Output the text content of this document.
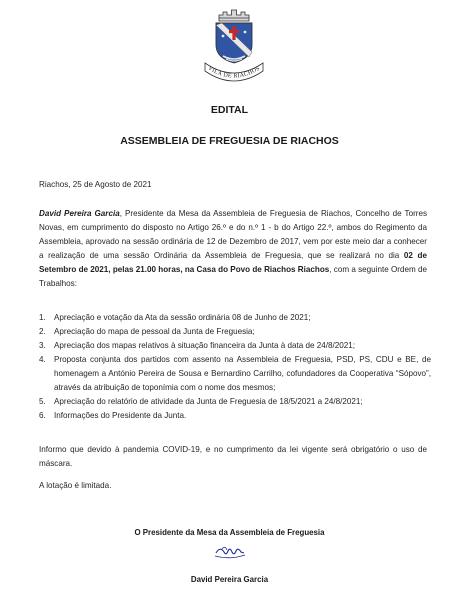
VILA DE RIACHOS
EDITAL
ASSEMBLEIA DE FREGUESIA DE RIACHOS
Riachos, 25 de Agosto de 2021
David Pereira Garcia, Presidente da Mesa da Assembleia de Freguesia de Riachos, Concelho de Torres Novas, em cumprimento do disposto no Artigo 26.º e do n.º 1 - b do Artigo 22.º, ambos do Regimento da Assembleia, aprovado na sessão ordinária de 12 de Dezembro de 2017, vem por este meio dar a conhecer a realização de uma sessão Ordinária da Assembleia de Freguesia, que se realizará no dia 02 de Setembro de 2021, pelas 21.00 horas, na Casa do Povo de Riachos Riachos, com a seguinte Ordem de Trabalhos:
1. Apreciação e votação da Ata da sessão ordinária 08 de Junho de 2021;
2. Apreciação do mapa de pessoal da Junta de Freguesia;
3. Apreciação dos mapas relativos à situação financeira da Junta à data de 24/8/2021;
4. Proposta conjunta dos partidos com assento na Assembleia de Freguesia, PSD, PS, CDU e BE, de homenagem a António Pereira de Sousa e Bernardino Carrilho, cofundadores da Cooperativa “Sópovo”, através da atribuição de toponímia com o nome dos mesmos;
5. Apreciação do relatório de atividade da Junta de Freguesia de 18/5/2021 a 24/8/2021;
6. Informações do Presidente da Junta.
Informo que devido à pandemia COVID-19, e no cumprimento da lei vigente será obrigatório o uso de máscara.
A lotação é limitada.
O Presidente da Mesa da Assembleia de Freguesia
David Pereira Garcia
